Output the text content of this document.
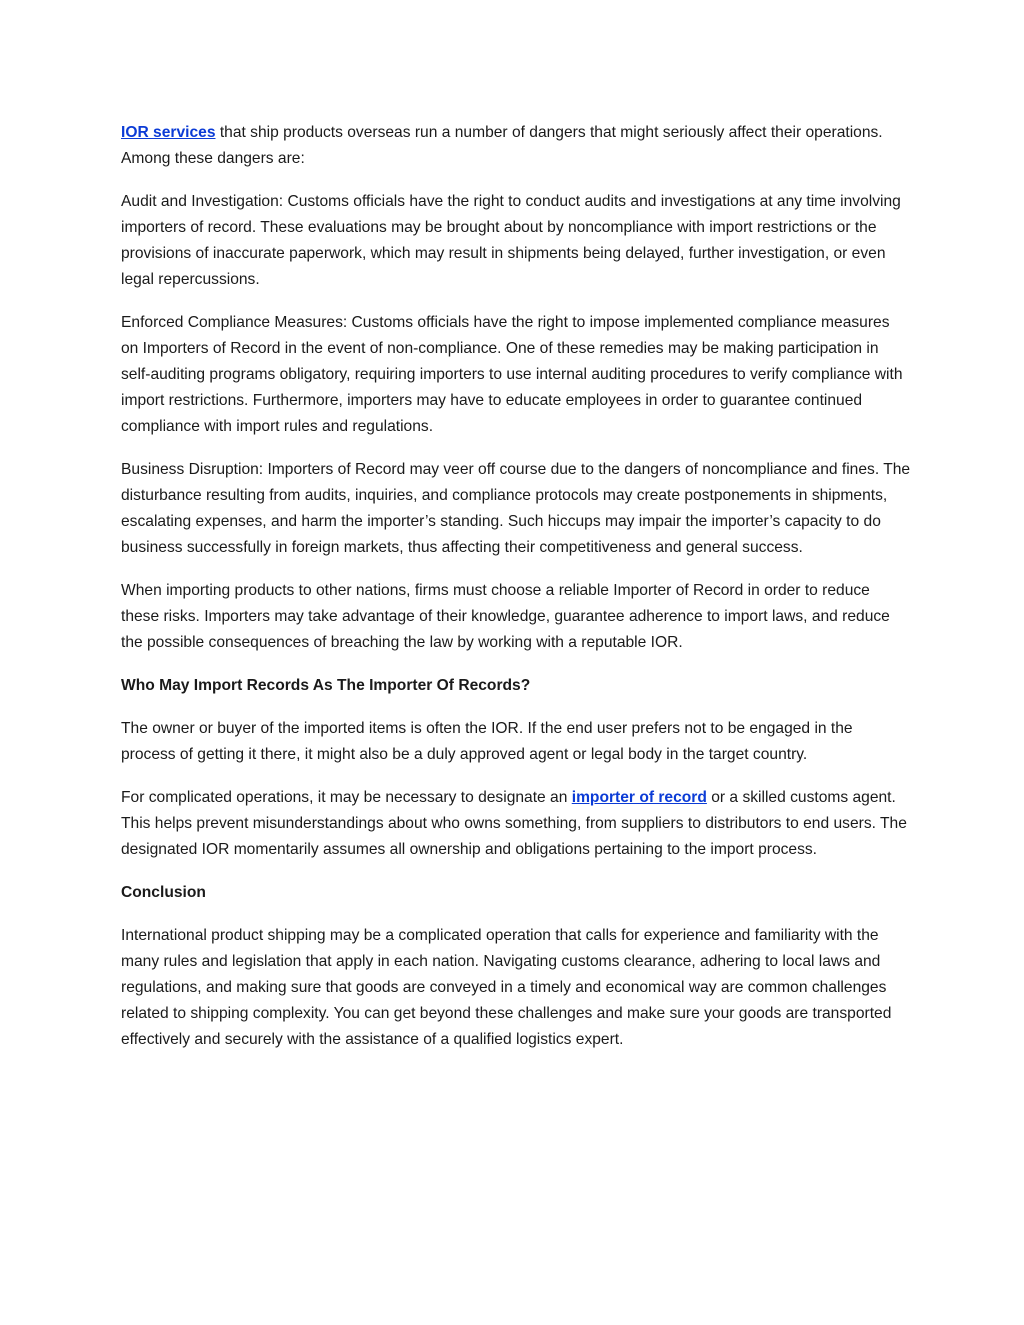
IOR services that ship products overseas run a number of dangers that might seriously affect their operations. Among these dangers are:

Audit and Investigation: Customs officials have the right to conduct audits and investigations at any time involving importers of record. These evaluations may be brought about by noncompliance with import restrictions or the provisions of inaccurate paperwork, which may result in shipments being delayed, further investigation, or even legal repercussions.

Enforced Compliance Measures: Customs officials have the right to impose implemented compliance measures on Importers of Record in the event of non-compliance. One of these remedies may be making participation in self-auditing programs obligatory, requiring importers to use internal auditing procedures to verify compliance with import restrictions. Furthermore, importers may have to educate employees in order to guarantee continued compliance with import rules and regulations.

Business Disruption: Importers of Record may veer off course due to the dangers of noncompliance and fines. The disturbance resulting from audits, inquiries, and compliance protocols may create postponements in shipments, escalating expenses, and harm the importer’s standing. Such hiccups may impair the importer’s capacity to do business successfully in foreign markets, thus affecting their competitiveness and general success.

When importing products to other nations, firms must choose a reliable Importer of Record in order to reduce these risks. Importers may take advantage of their knowledge, guarantee adherence to import laws, and reduce the possible consequences of breaching the law by working with a reputable IOR.

Who May Import Records As The Importer Of Records?

The owner or buyer of the imported items is often the IOR. If the end user prefers not to be engaged in the process of getting it there, it might also be a duly approved agent or legal body in the target country.

For complicated operations, it may be necessary to designate an importer of record or a skilled customs agent. This helps prevent misunderstandings about who owns something, from suppliers to distributors to end users. The designated IOR momentarily assumes all ownership and obligations pertaining to the import process.

Conclusion

International product shipping may be a complicated operation that calls for experience and familiarity with the many rules and legislation that apply in each nation. Navigating customs clearance, adhering to local laws and regulations, and making sure that goods are conveyed in a timely and economical way are common challenges related to shipping complexity. You can get beyond these challenges and make sure your goods are transported effectively and securely with the assistance of a qualified logistics expert.
